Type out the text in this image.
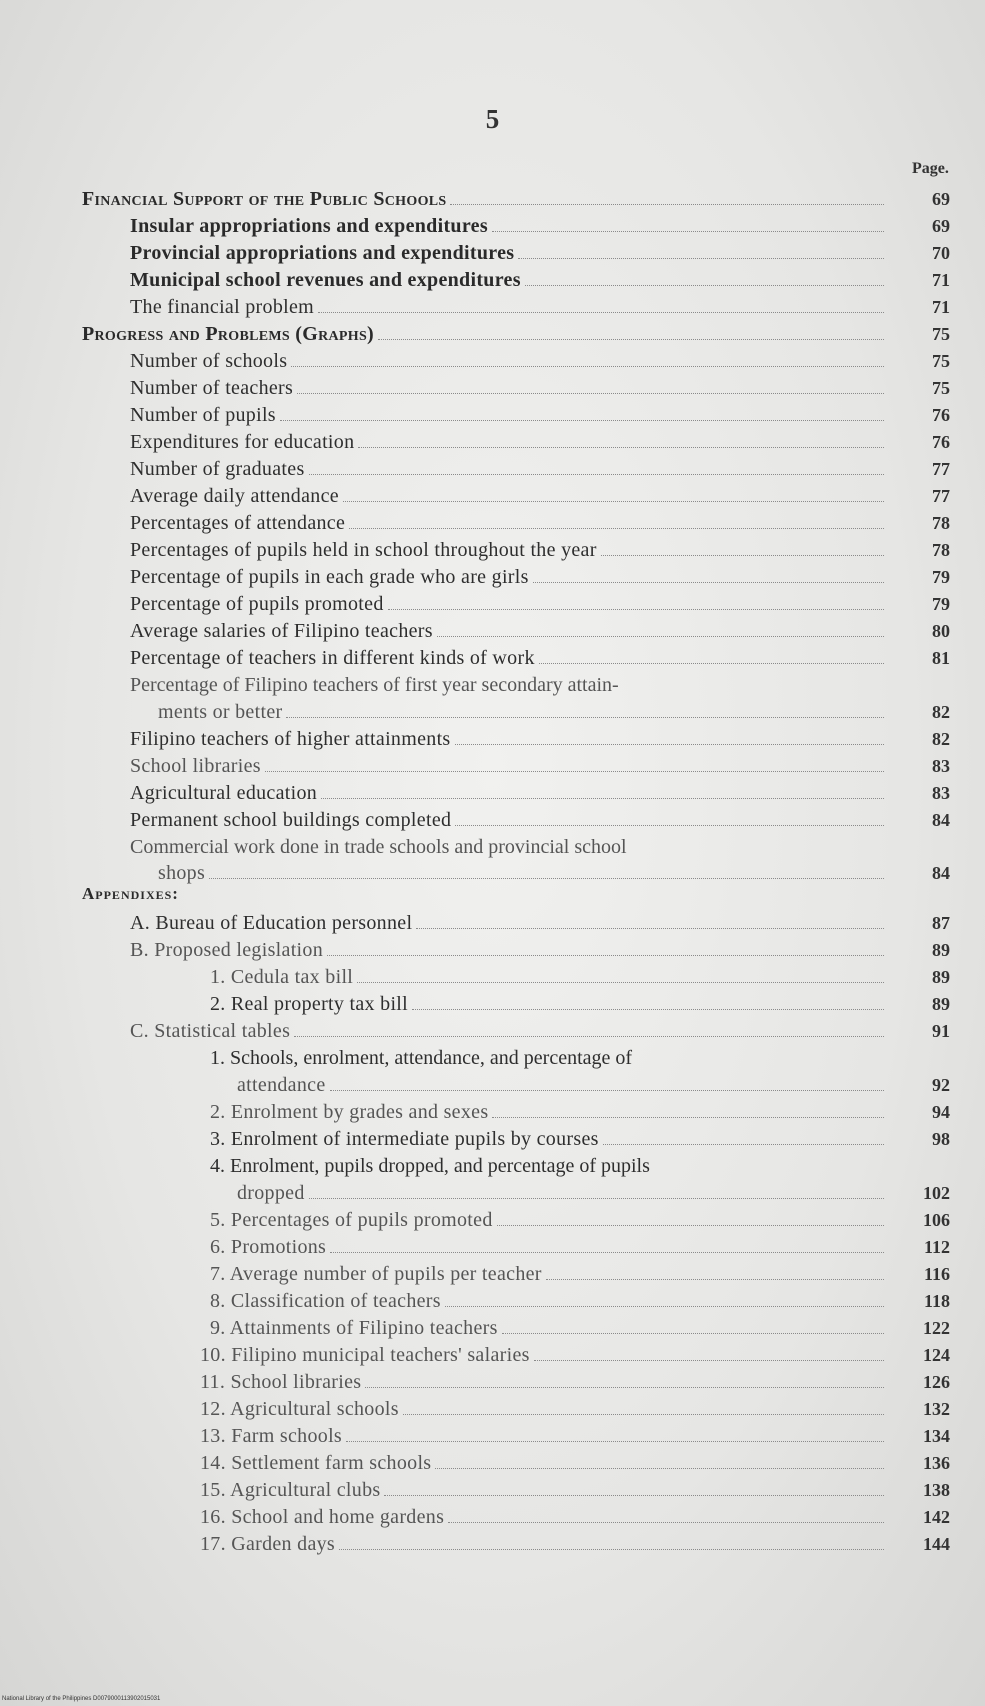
5
Page.
Financial Support of the Public Schools	69
Insular appropriations and expenditures	69
Provincial appropriations and expenditures	70
Municipal school revenues and expenditures	71
The financial problem	71
Progress and Problems (Graphs)	75
Number of schools	75
Number of teachers	75
Number of pupils	76
Expenditures for education	76
Number of graduates	77
Average daily attendance	77
Percentages of attendance	78
Percentages of pupils held in school throughout the year	78
Percentage of pupils in each grade who are girls	79
Percentage of pupils promoted	79
Average salaries of Filipino teachers	80
Percentage of teachers in different kinds of work	81
Percentage of Filipino teachers of first year secondary attain-
ments or better	82
Filipino teachers of higher attainments	82
School libraries	83
Agricultural education	83
Permanent school buildings completed	84
Commercial work done in trade schools and provincial school
shops	84
Appendixes:
A. Bureau of Education personnel	87
B. Proposed legislation	89
1. Cedula tax bill	89
2. Real property tax bill	89
C. Statistical tables	91
1. Schools, enrolment, attendance, and percentage of
attendance	92
2. Enrolment by grades and sexes	94
3. Enrolment of intermediate pupils by courses	98
4. Enrolment, pupils dropped, and percentage of pupils
dropped	102
5. Percentages of pupils promoted	106
6. Promotions	112
7. Average number of pupils per teacher	116
8. Classification of teachers	118
9. Attainments of Filipino teachers	122
10. Filipino municipal teachers' salaries	124
11. School libraries	126
12. Agricultural schools	132
13. Farm schools	134
14. Settlement farm schools	136
15. Agricultural clubs	138
16. School and home gardens	142
17. Garden days	144
National Library of the Philippines D0079000113902015031
